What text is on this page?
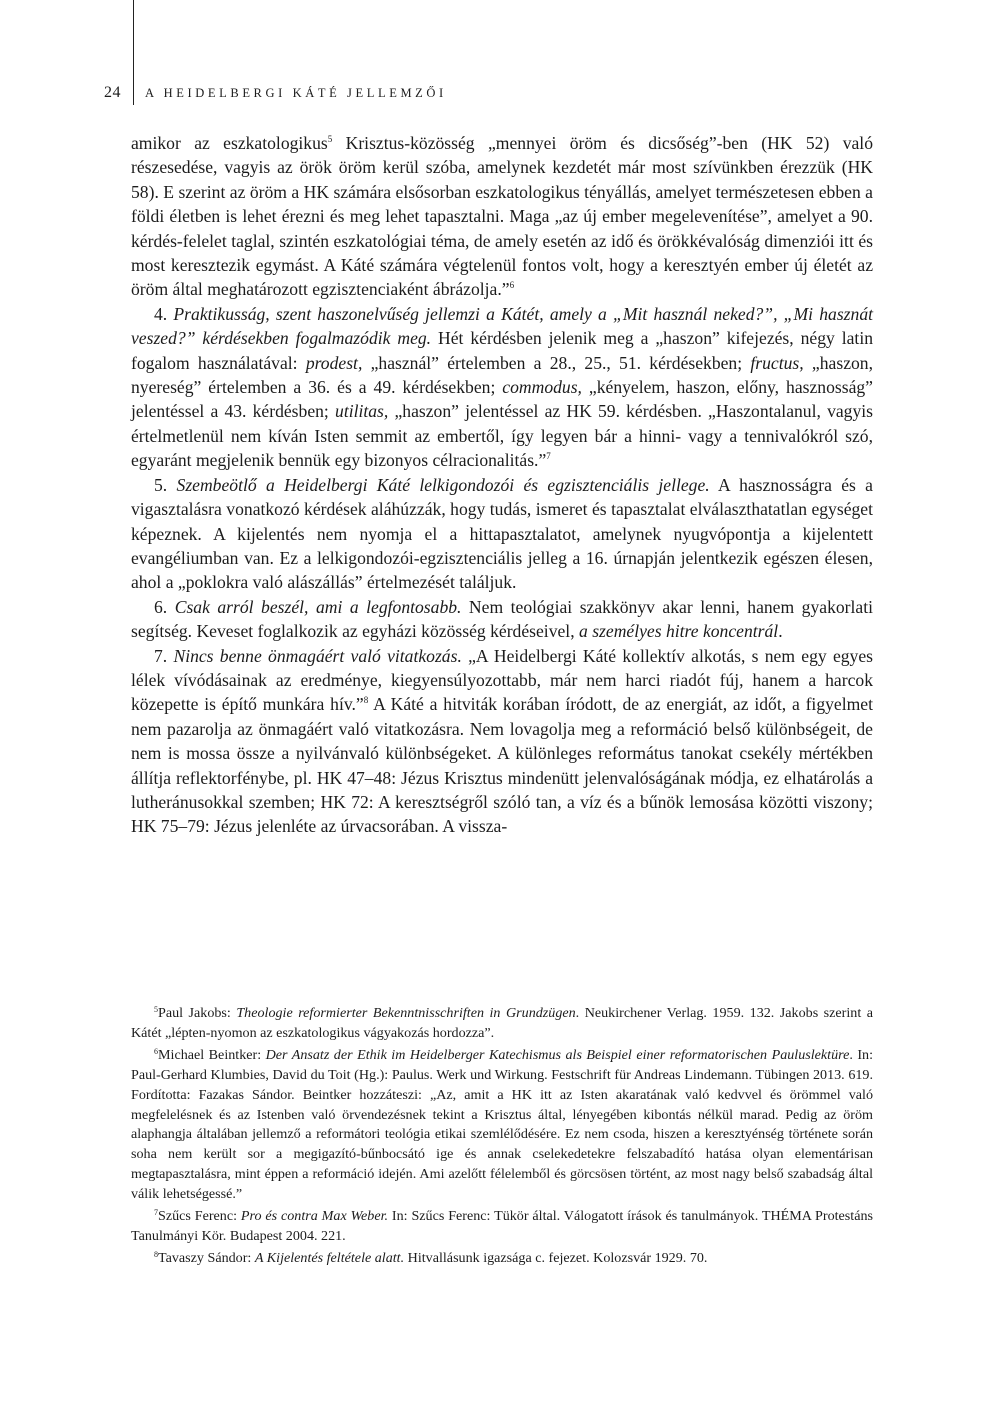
24 A HEIDELBERGI KÁTÉ JELLEMZŐI

amikor az eszkatologikus$^5$ Krisztus-közösség „mennyei öröm és dicsőség”-ben (HK 52) való részesedése, vagyis az örök öröm kerül szóba, amelynek kezdetét már most szívünkben érezzük (HK 58). E szerint az öröm a HK számára elsősorban eszkatologikus tényállás, amelyet természetesen ebben a földi életben is lehet érezni és meg lehet tapasztalni. Maga „az új ember megelevenítése”, amelyet a 90. kérdés-felelet taglal, szintén eszkatológiai téma, de amely esetén az idő és örökkévalóság dimenziói itt és most keresztezik egymást. A Káté számára végtelenül fontos volt, hogy a keresztyén ember új életét az öröm által meghatározott egzisztenciaként ábrázolja.”$^6$

4. Praktikusság, szent haszonelvűség jellemzi a Kátét, amely a „Mit használ neked?”, „Mi hasznát veszed?” kérdésekben fogalmazódik meg. Hét kérdésben jelenik meg a „haszon” kifejezés, négy latin fogalom használatával: prodest, „használ” értelemben a 28., 25., 51. kérdésekben; fructus, „haszon, nyereség” értelemben a 36. és a 49. kérdésekben; commodus, „kényelem, haszon, előny, hasznosság” jelentéssel a 43. kérdésben; utilitas, „haszon” jelentéssel az HK 59. kérdésben. „Haszontalanul, vagyis értelmetlenül nem kíván Isten semmit az embertől, így legyen bár a hinni- vagy a tennivalókról szó, egyaránt megjelenik bennük egy bizonyos célracionalitás.”$^7$

5. Szembeötlő a Heidelbergi Káté lelkigondozói és egzisztenciális jellege. A hasznosságra és a vigasztalásra vonatkozó kérdések aláhúzzák, hogy tudás, ismeret és tapasztalat elválaszthatatlan egységet képeznek. A kijelentés nem nyomja el a hittapasztalatot, amelynek nyugvópontja a kijelentett evangéliumban van. Ez a lelkigondozói-egzisztenciális jelleg a 16. úrnapján jelentkezik egészen élesen, ahol a „poklokra való alászállás” értelmezését találjuk.

6. Csak arról beszél, ami a legfontosabb. Nem teológiai szakkönyv akar lenni, hanem gyakorlati segítség. Keveset foglalkozik az egyházi közösség kérdéseivel, a személyes hitre koncentrál.

7. Nincs benne önmagáért való vitatkozás. „A Heidelbergi Káté kollektív alkotás, s nem egy egyes lélek vívódásainak az eredménye, kiegyensúlyozottabb, már nem harci riadót fúj, hanem a harcok közepette is építő munkára hív.”$^8$ A Káté a hitviták korában íródott, de az energiát, az időt, a figyelmet nem pazarolja az önmagáért való vitatkozásra. Nem lovagolja meg a reformáció belső különbségeit, de nem is mossa össze a nyilvánvaló különbségeket. A különleges református tanokat csekély mértékben állítja reflektorfénybe, pl. HK 47–48: Jézus Krisztus mindenütt jelenvalóságának módja, ez elhatárolás a lutheránusokkal szemben; HK 72: A keresztségről szóló tan, a víz és a bűnök lemosása közötti viszony; HK 75–79: Jézus jelenléte az úrvacsorában. A vissza-

$^5$Paul Jakobs: Theologie reformierter Bekenntnisschriften in Grundzügen. Neukirchener Verlag. 1959. 132. Jakobs szerint a Kátét „lépten-nyomon az eszkatologikus vágyakozás hordozza”.

$^6$Michael Beintker: Der Ansatz der Ethik im Heidelberger Katechismus als Beispiel einer reformatorischen Pauluslektüre. In: Paul-Gerhard Klumbies, David du Toit (Hg.): Paulus. Werk und Wirkung. Festschrift für Andreas Lindemann. Tübingen 2013. 619. Fordította: Fazakas Sándor. Beintker hozzáteszi: „Az, amit a HK itt az Isten akaratának való kedvvel és örömmel való megfelelésnek és az Istenben való örvendezésnek tekint a Krisztus által, lényegében kibontás nélkül marad. Pedig az öröm alaphangja általában jellemző a reformátori teológia etikai szemlélődésére. Ez nem csoda, hiszen a keresztyénség története során soha nem került sor a megigazító-bűnbocsátó ige és annak cselekedetekre felszabadító hatása olyan elementárisan megtapasztalásra, mint éppen a reformáció idején. Ami azelőtt félelemből és görcsösen történt, az most nagy belső szabadság által válik lehetségessé.”

$^7$Szűcs Ferenc: Pro és contra Max Weber. In: Szűcs Ferenc: Tükör által. Válogatott írások és tanulmányok. THÉMA Protestáns Tanulmányi Kör. Budapest 2004. 221.

$^8$Tavaszy Sándor: A Kijelentés feltétele alatt. Hitvallásunk igazsága c. fejezet. Kolozsvár 1929. 70.
